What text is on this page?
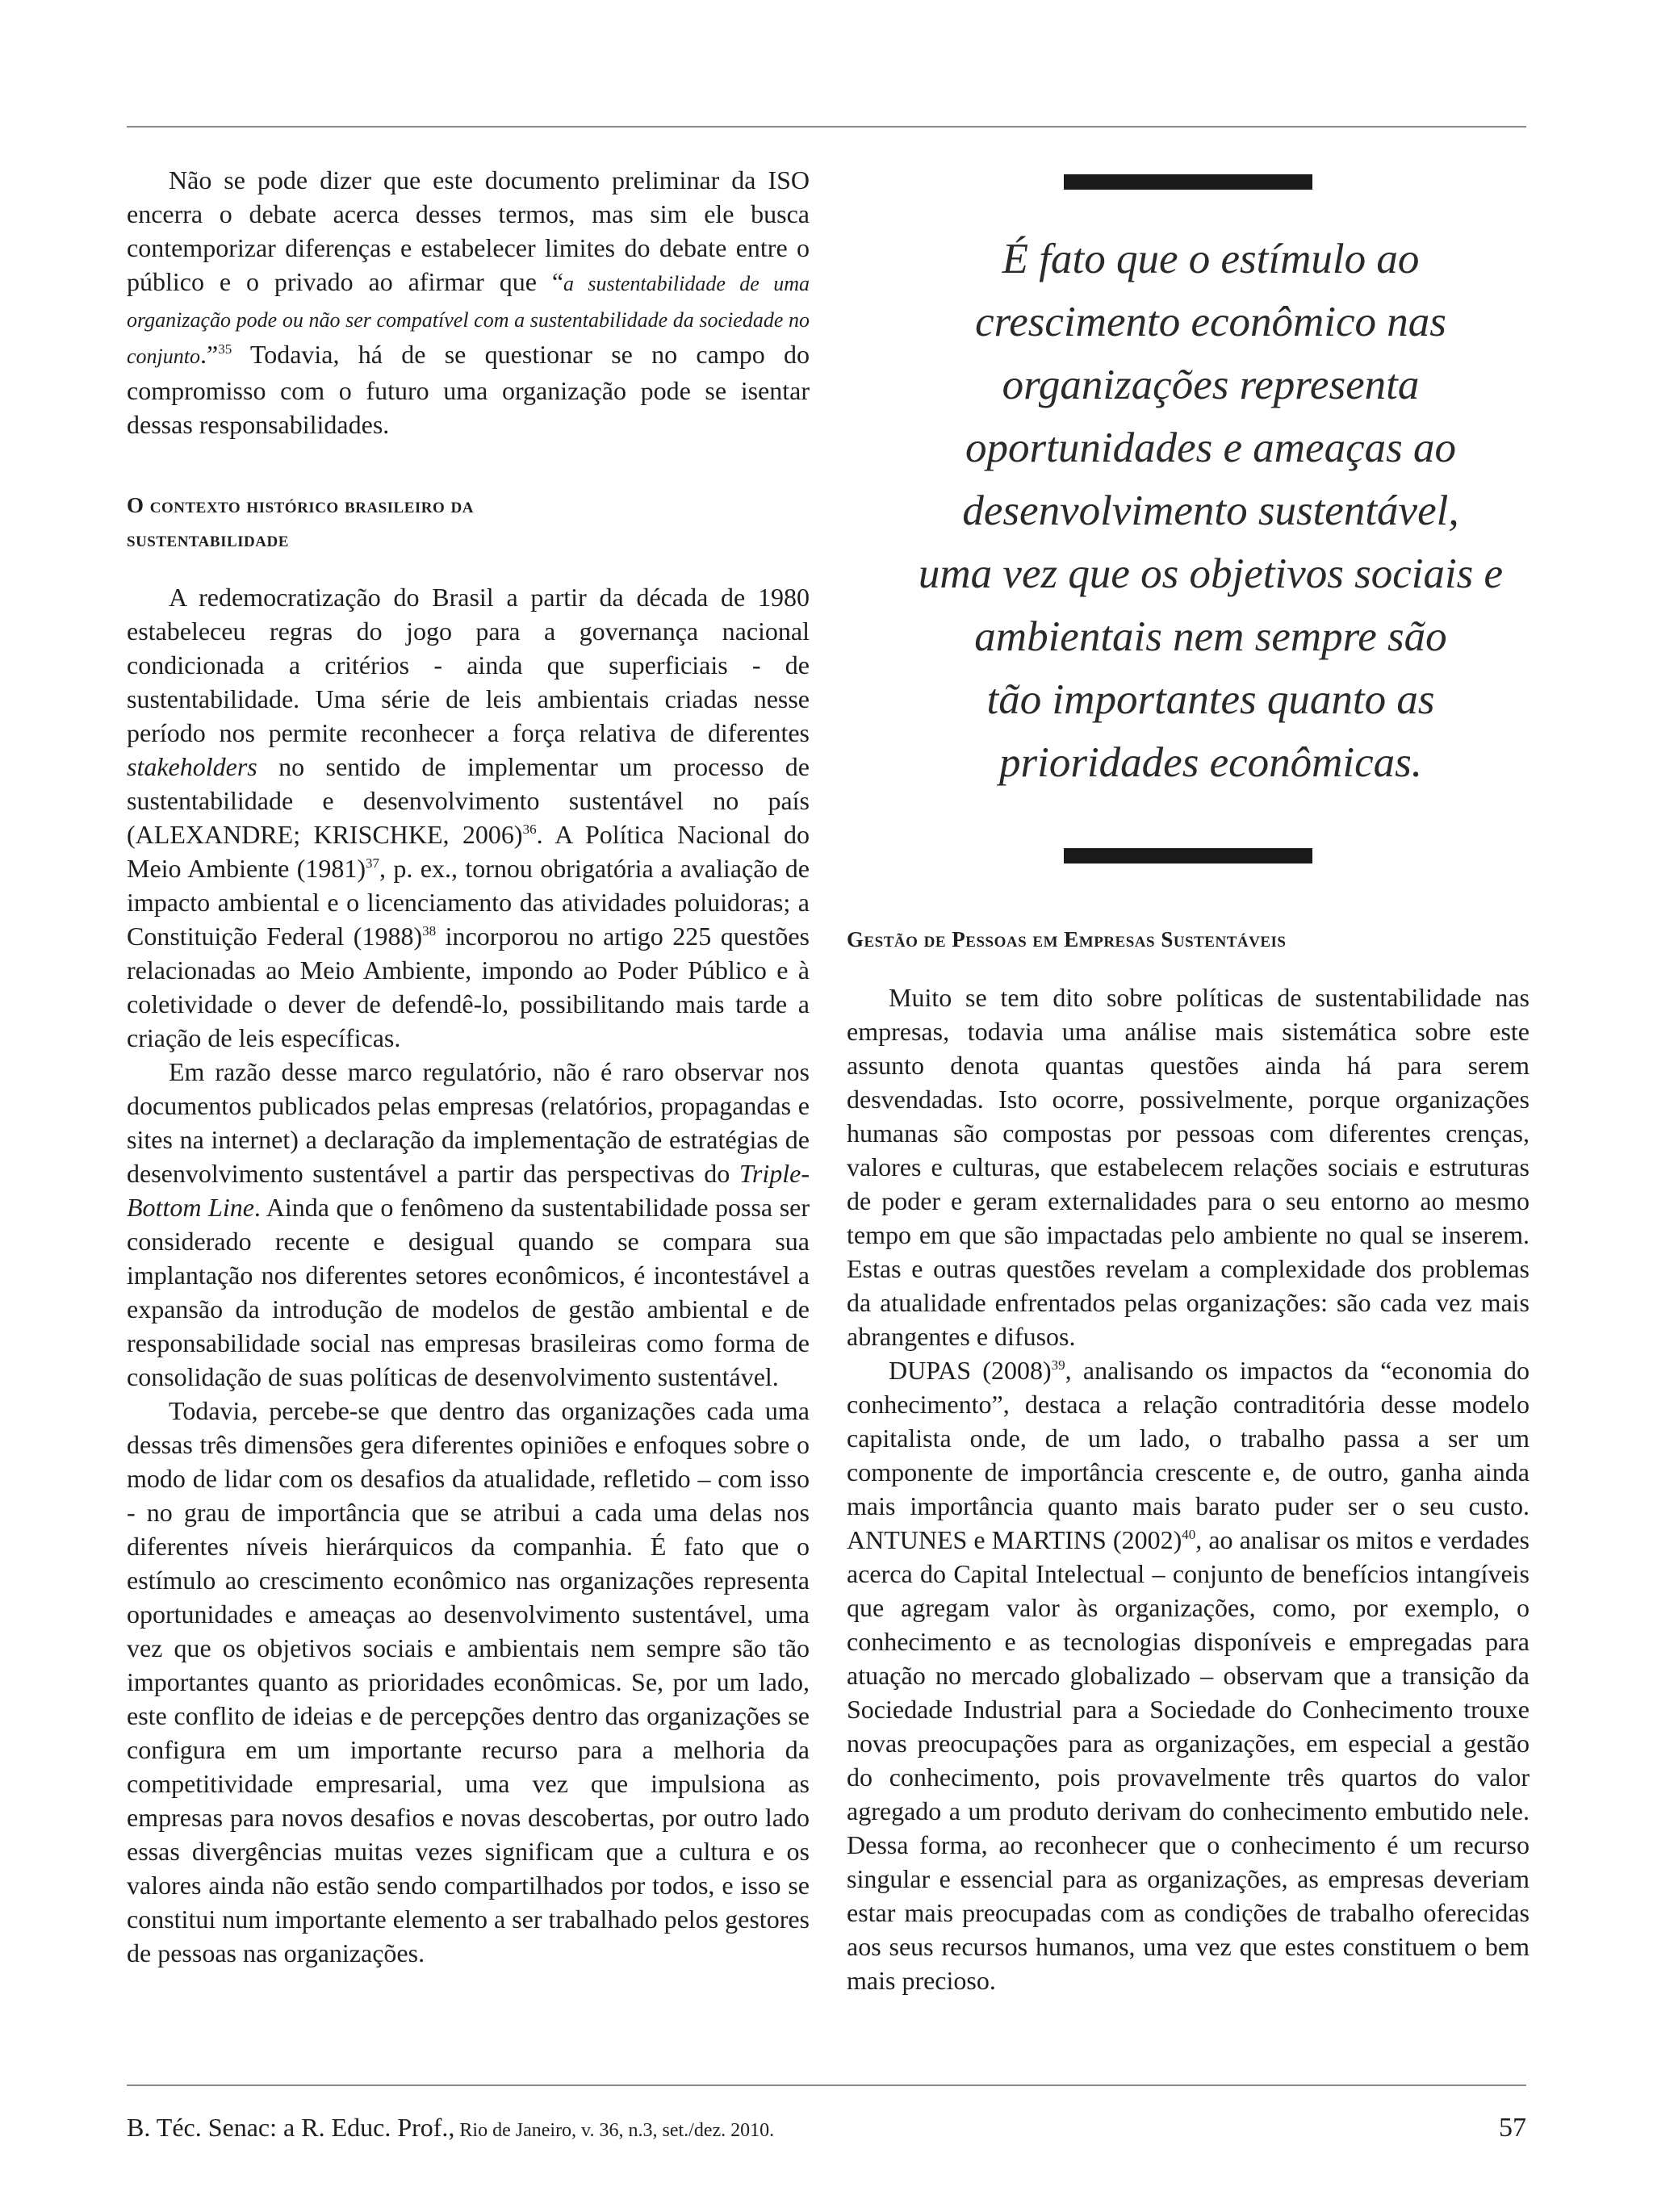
Não se pode dizer que este documento preliminar da ISO encerra o debate acerca desses termos, mas sim ele busca contemporizar diferenças e estabelecer limites do debate entre o público e o privado ao afirmar que “a sustentabilidade de uma organização pode ou não ser compatível com a sustentabilidade da sociedade no conjunto.”$^{35}$ Todavia, há de se questionar se no campo do compromisso com o futuro uma organização pode se isentar dessas responsabilidades.

O contexto histórico brasileiro da
sustentabilidade

A redemocratização do Brasil a partir da década de 1980 estabeleceu regras do jogo para a governança nacional condicionada a critérios - ainda que superficiais - de sustentabilidade. Uma série de leis ambientais criadas nesse período nos permite reconhecer a força relativa de diferentes stakeholders no sentido de implementar um processo de sustentabilidade e desenvolvimento sustentável no país (ALEXANDRE; KRISCHKE, 2006)$^{36}$. A Política Nacional do Meio Ambiente $(1981)^{37}$, p. ex., tornou obrigatória a avaliação de impacto ambiental e o licenciamento das atividades poluidoras; a Constituição Federal $(1988)^{38}$ incorporou no artigo 225 questões relacionadas ao Meio Ambiente, impondo ao Poder Público e à coletividade o dever de defendê-lo, possibilitando mais tarde a criação de leis específicas.

Em razão desse marco regulatório, não é raro observar nos documentos publicados pelas empresas (relatórios, propagandas e sites na internet) a declaração da implementação de estratégias de desenvolvimento sustentável a partir das perspectivas do Triple-Bottom Line. Ainda que o fenômeno da sustentabilidade possa ser considerado recente e desigual quando se compara sua implantação nos diferentes setores econômicos, é incontestável a expansão da introdução de modelos de gestão ambiental e de responsabilidade social nas empresas brasileiras como forma de consolidação de suas políticas de desenvolvimento sustentável.

Todavia, percebe-se que dentro das organizações cada uma dessas três dimensões gera diferentes opiniões e enfoques sobre o modo de lidar com os desafios da atualidade, refletido – com isso - no grau de importância que se atribui a cada uma delas nos diferentes níveis hierárquicos da companhia. É fato que o estímulo ao crescimento econômico nas organizações representa oportunidades e ameaças ao desenvolvimento sustentável, uma vez que os objetivos sociais e ambientais nem sempre são tão importantes quanto as prioridades econômicas. Se, por um lado, este conflito de ideias e de percepções dentro das organizações se configura em um importante recurso para a melhoria da competitividade empresarial, uma vez que impulsiona as empresas para novos desafios e novas descobertas, por outro lado essas divergências muitas vezes significam que a cultura e os valores ainda não estão sendo compartilhados por todos, e isso se constitui num importante elemento a ser trabalhado pelos gestores de pessoas nas organizações.

É fato que o estímulo ao
crescimento econômico nas
organizações representa
oportunidades e ameaças ao
desenvolvimento sustentável,
uma vez que os objetivos sociais e
ambientais nem sempre são
tão importantes quanto as
prioridades econômicas.

Gestão de Pessoas em Empresas Sustentáveis

Muito se tem dito sobre políticas de sustentabilidade nas empresas, todavia uma análise mais sistemática sobre este assunto denota quantas questões ainda há para serem desvendadas. Isto ocorre, possivelmente, porque organizações humanas são compostas por pessoas com diferentes crenças, valores e culturas, que estabelecem relações sociais e estruturas de poder e geram externalidades para o seu entorno ao mesmo tempo em que são impactadas pelo ambiente no qual se inserem. Estas e outras questões revelam a complexidade dos problemas da atualidade enfrentados pelas organizações: são cada vez mais abrangentes e difusos.

DUPAS $(2008)^{39}$, analisando os impactos da “economia do conhecimento”, destaca a relação contraditória desse modelo capitalista onde, de um lado, o trabalho passa a ser um componente de importância crescente e, de outro, ganha ainda mais importância quanto mais barato puder ser o seu custo. ANTUNES e MARTINS $(2002)^{40}$, ao analisar os mitos e verdades acerca do Capital Intelectual – conjunto de benefícios intangíveis que agregam valor às organizações, como, por exemplo, o conhecimento e as tecnologias disponíveis e empregadas para atuação no mercado globalizado – observam que a transição da Sociedade Industrial para a Sociedade do Conhecimento trouxe novas preocupações para as organizações, em especial a gestão do conhecimento, pois provavelmente três quartos do valor agregado a um produto derivam do conhecimento embutido nele. Dessa forma, ao reconhecer que o conhecimento é um recurso singular e essencial para as organizações, as empresas deveriam estar mais preocupadas com as condições de trabalho oferecidas aos seus recursos humanos, uma vez que estes constituem o bem mais precioso.

B. Téc. Senac: a R. Educ. Prof., Rio de Janeiro, v. 36, n.3, set./dez. 2010.	57
